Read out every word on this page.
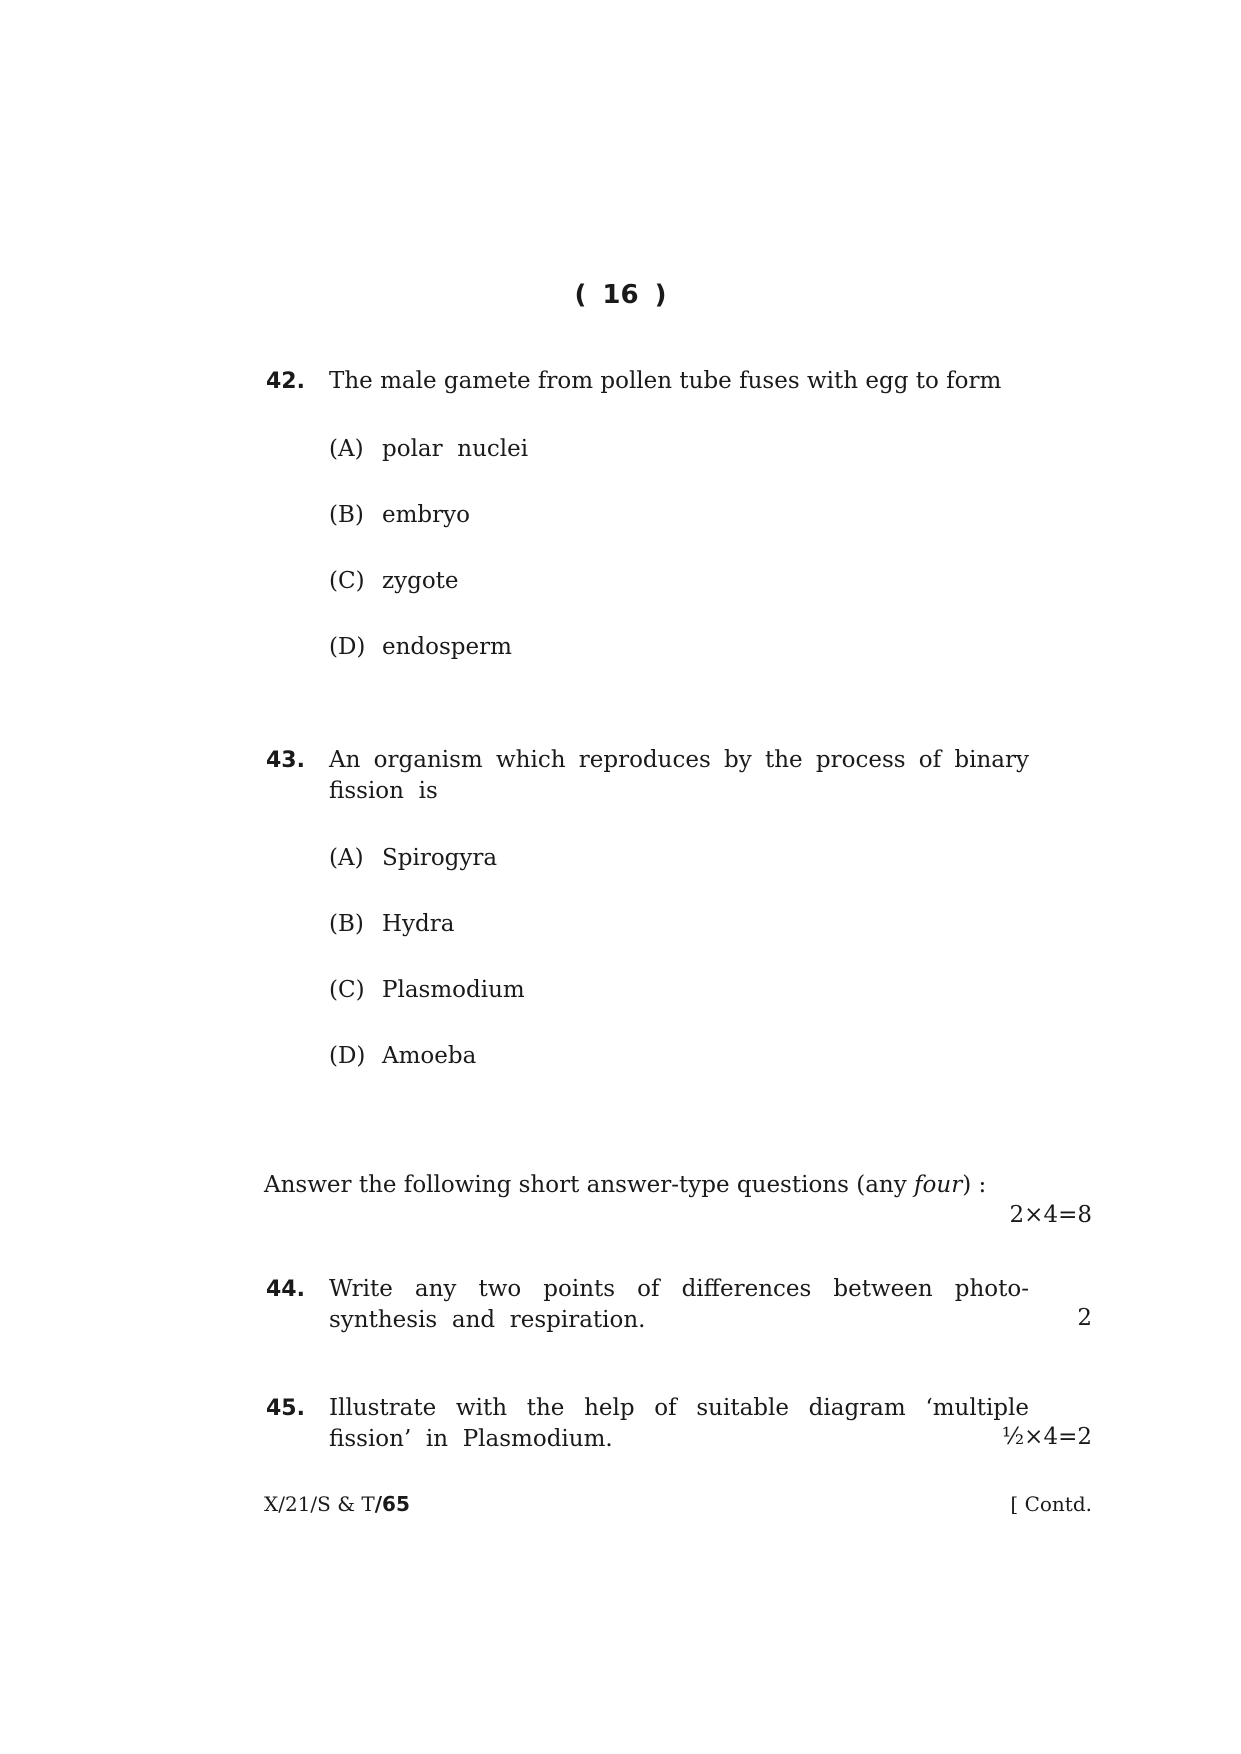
( 16 )
42. The male gamete from pollen tube fuses with egg to form
(A) polar  nuclei
(B) embryo
(C) zygote
(D) endosperm
43. An organism which reproduces by the process of binary
fission  is
(A) Spirogyra
(B) Hydra
(C) Plasmodium
(D) Amoeba
Answer the following short answer-type questions (any four) :
2×4=8
44. Write any two points of differences between photo-
synthesis  and  respiration.	2
45. Illustrate with the help of suitable diagram ‘multiple
fission’  in  Plasmodium.	½×4=2
X/21/S & T/65	[ Contd.
